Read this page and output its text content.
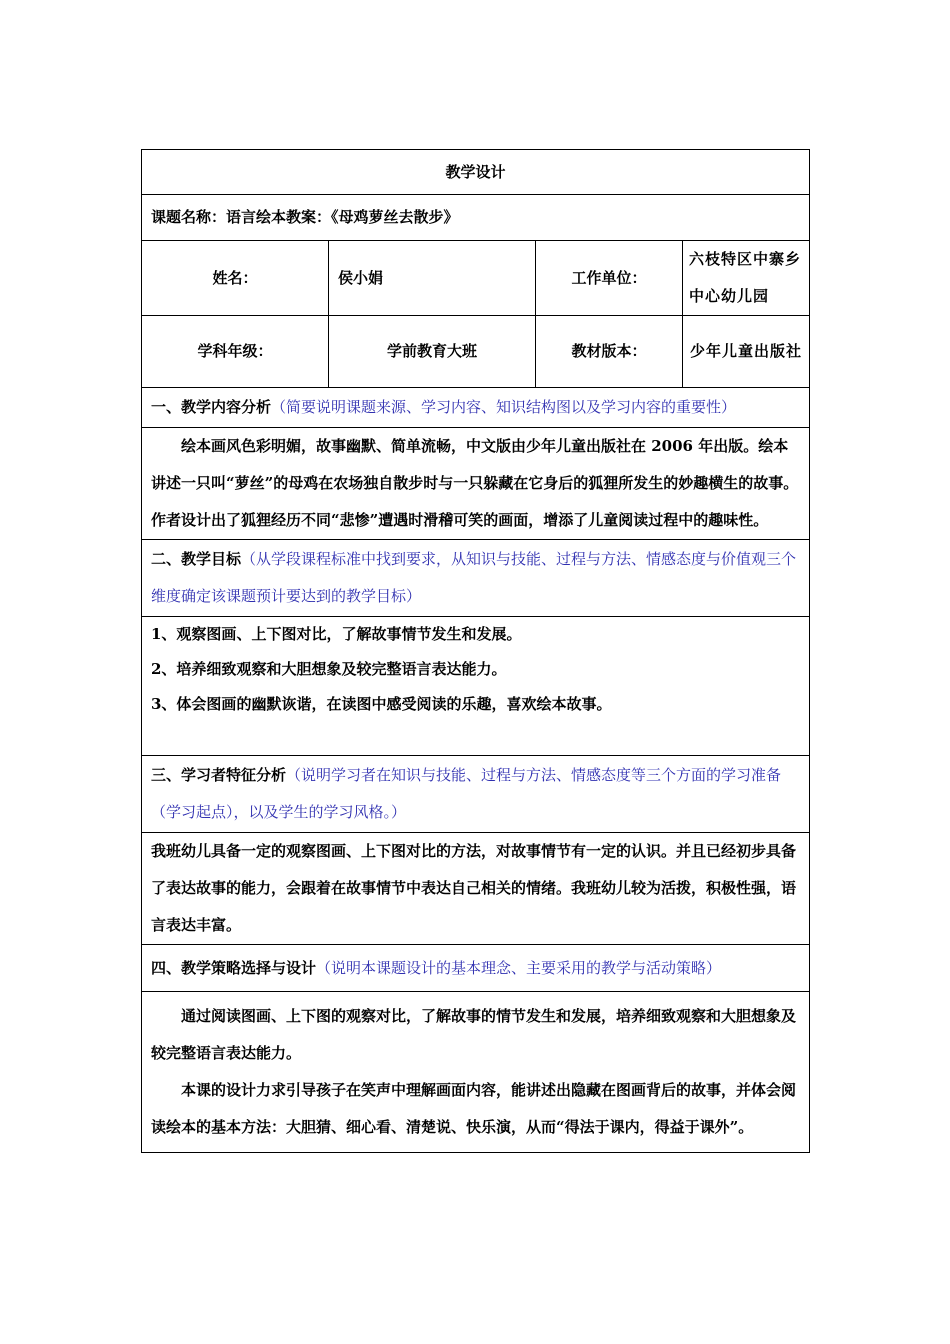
教学设计			
课题名称：语言绘本教案：《母鸡萝丝去散步》			
姓名：	侯小娟	工作单位：	六枝特区中寨乡中心幼儿园
学科年级：	学前教育大班	教材版本：	少年儿童出版社
一、教学内容分析（简要说明课题来源、学习内容、知识结构图以及学习内容的重要性）			

绘本画风色彩明媚，故事幽默、简单流畅，中文版由少年儿童出版社在 2006 年出版。绘本讲述一只叫“萝丝”的母鸡在农场独自散步时与一只躲藏在它身后的狐狸所发生的妙趣横生的故事。作者设计出了狐狸经历不同“悲惨”遭遇时滑稽可笑的画面，增添了儿童阅读过程中的趣味性。			

二、教学目标（从学段课程标准中找到要求，从知识与技能、过程与方法、情感态度与价值观三个维度确定该课题预计要达到的教学目标）			

1、观察图画、上下图对比，了解故事情节发生和发展。

2、培养细致观察和大胆想象及较完整语言表达能力。

3、体会图画的幽默诙谐，在读图中感受阅读的乐趣，喜欢绘本故事。			

三、学习者特征分析（说明学习者在知识与技能、过程与方法、情感态度等三个方面的学习准备（学习起点），以及学生的学习风格。）			

我班幼儿具备一定的观察图画、上下图对比的方法，对故事情节有一定的认识。并且已经初步具备了表达故事的能力，会跟着在故事情节中表达自己相关的情绪。我班幼儿较为活拨，积极性强，语言表达丰富。			

四、教学策略选择与设计（说明本课题设计的基本理念、主要采用的教学与活动策略）			

通过阅读图画、上下图的观察对比，了解故事的情节发生和发展，培养细致观察和大胆想象及较完整语言表达能力。

本课的设计力求引导孩子在笑声中理解画面内容，能讲述出隐藏在图画背后的故事，并体会阅读绘本的基本方法：大胆猜、细心看、清楚说、快乐演，从而“得法于课内，得益于课外”。			
